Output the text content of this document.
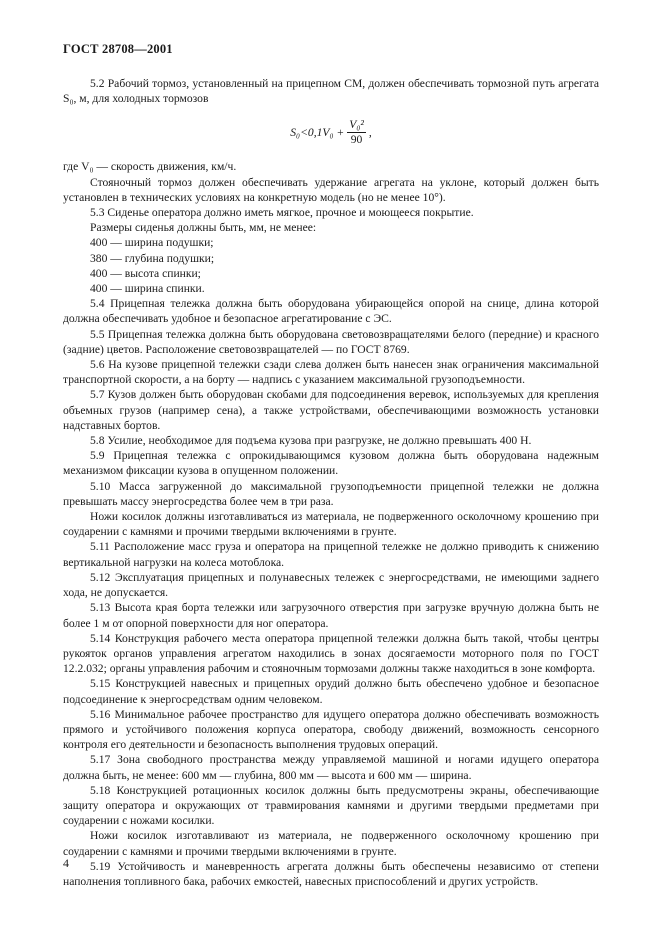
ГОСТ 28708—2001

5.2 Рабочий тормоз, установленный на прицепном СМ, должен обеспечивать тормозной путь агрегата S₀, м, для холодных тормозов

$S_0<0,1V_0 + \frac{\text{V₀²}}{90}$ ,

где V₀ — скорость движения, км/ч.

Стояночный тормоз должен обеспечивать удержание агрегата на уклоне, который должен быть установлен в технических условиях на конкретную модель (но не менее 10°).

5.3 Сиденье оператора должно иметь мягкое, прочное и моющееся покрытие.

Размеры сиденья должны быть, мм, не менее:

400 — ширина подушки;

380 — глубина подушки;

400 — высота спинки;

400 — ширина спинки.

5.4 Прицепная тележка должна быть оборудована убирающейся опорой на снице, длина которой должна обеспечивать удобное и безопасное агрегатирование с ЭС.

5.5 Прицепная тележка должна быть оборудована световозвращателями белого (передние) и красного (задние) цветов. Расположение световозвращателей — по ГОСТ 8769.

5.6 На кузове прицепной тележки сзади слева должен быть нанесен знак ограничения максимальной транспортной скорости, а на борту — надпись с указанием максимальной грузоподъемности.

5.7 Кузов должен быть оборудован скобами для подсоединения веревок, используемых для крепления объемных грузов (например сена), а также устройствами, обеспечивающими возможность установки надставных бортов.

5.8 Усилие, необходимое для подъема кузова при разгрузке, не должно превышать 400 Н.

5.9 Прицепная тележка с опрокидывающимся кузовом должна быть оборудована надежным механизмом фиксации кузова в опущенном положении.

5.10 Масса загруженной до максимальной грузоподъемности прицепной тележки не должна превышать массу энергосредства более чем в три раза.

Ножи косилок должны изготавливаться из материала, не подверженного осколочному крошению при соударении с камнями и прочими твердыми включениями в грунте.

5.11 Расположение масс груза и оператора на прицепной тележке не должно приводить к снижению вертикальной нагрузки на колеса мотоблока.

5.12 Эксплуатация прицепных и полунавесных тележек с энергосредствами, не имеющими заднего хода, не допускается.

5.13 Высота края борта тележки или загрузочного отверстия при загрузке вручную должна быть не более 1 м от опорной поверхности для ног оператора.

5.14 Конструкция рабочего места оператора прицепной тележки должна быть такой, чтобы центры рукояток органов управления агрегатом находились в зонах досягаемости моторного поля по ГОСТ 12.2.032; органы управления рабочим и стояночным тормозами должны также находиться в зоне комфорта.

5.15 Конструкцией навесных и прицепных орудий должно быть обеспечено удобное и безопасное подсоединение к энергосредствам одним человеком.

5.16 Минимальное рабочее пространство для идущего оператора должно обеспечивать возможность прямого и устойчивого положения корпуса оператора, свободу движений, возможность сенсорного контроля его деятельности и безопасность выполнения трудовых операций.

5.17 Зона свободного пространства между управляемой машиной и ногами идущего оператора должна быть, не менее: 600 мм — глубина, 800 мм — высота и 600 мм — ширина.

5.18 Конструкцией ротационных косилок должны быть предусмотрены экраны, обеспечивающие защиту оператора и окружающих от травмирования камнями и другими твердыми предметами при соударении с ножами косилки.

Ножи косилок изготавливают из материала, не подверженного осколочному крошению при соударении с камнями и прочими твердыми включениями в грунте.

5.19 Устойчивость и маневренность агрегата должны быть обеспечены независимо от степени наполнения топливного бака, рабочих емкостей, навесных приспособлений и других устройств.

4
